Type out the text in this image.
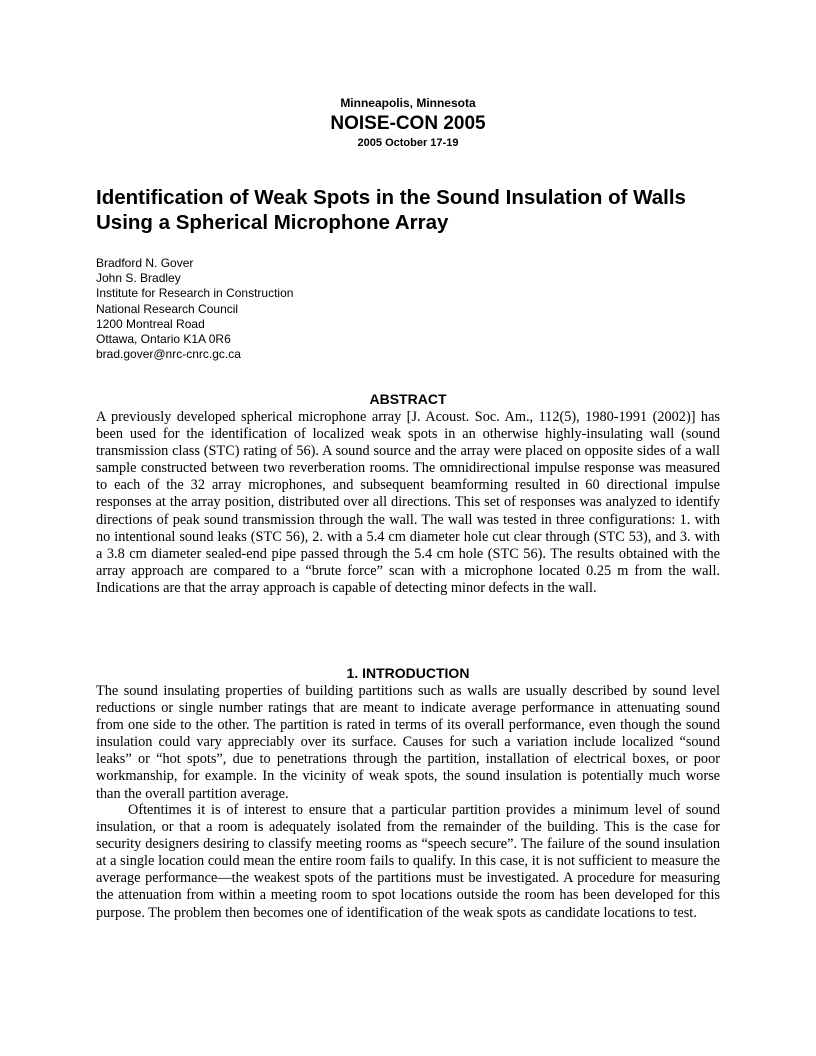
Minneapolis, Minnesota
NOISE-CON 2005
2005 October 17-19
Identification of Weak Spots in the Sound Insulation of Walls
Using a Spherical Microphone Array
Bradford N. Gover
John S. Bradley
Institute for Research in Construction
National Research Council
1200 Montreal Road
Ottawa, Ontario K1A 0R6
brad.gover@nrc-cnrc.gc.ca
ABSTRACT
A previously developed spherical microphone array [J. Acoust. Soc. Am., 112(5), 1980-1991 (2002)] has been used for the identification of localized weak spots in an otherwise highly-insulating wall (sound transmission class (STC) rating of 56). A sound source and the array were placed on opposite sides of a wall sample constructed between two reverberation rooms. The omnidirectional impulse response was measured to each of the 32 array microphones, and subsequent beamforming resulted in 60 directional impulse responses at the array position, distributed over all directions. This set of responses was analyzed to identify directions of peak sound transmission through the wall. The wall was tested in three configurations: 1. with no intentional sound leaks (STC 56), 2. with a 5.4 cm diameter hole cut clear through (STC 53), and 3. with a 3.8 cm diameter sealed-end pipe passed through the 5.4 cm hole (STC 56). The results obtained with the array approach are compared to a “brute force” scan with a microphone located 0.25 m from the wall. Indications are that the array approach is capable of detecting minor defects in the wall.
1. INTRODUCTION
The sound insulating properties of building partitions such as walls are usually described by sound level reductions or single number ratings that are meant to indicate average performance in attenuating sound from one side to the other. The partition is rated in terms of its overall performance, even though the sound insulation could vary appreciably over its surface. Causes for such a variation include localized “sound leaks” or “hot spots”, due to penetrations through the partition, installation of electrical boxes, or poor workmanship, for example. In the vicinity of weak spots, the sound insulation is potentially much worse than the overall partition average.
Oftentimes it is of interest to ensure that a particular partition provides a minimum level of sound insulation, or that a room is adequately isolated from the remainder of the building. This is the case for security designers desiring to classify meeting rooms as “speech secure”. The failure of the sound insulation at a single location could mean the entire room fails to qualify. In this case, it is not sufficient to measure the average performance—the weakest spots of the partitions must be investigated. A procedure for measuring the attenuation from within a meeting room to spot locations outside the room has been developed for this purpose. The problem then becomes one of identification of the weak spots as candidate locations to test.
